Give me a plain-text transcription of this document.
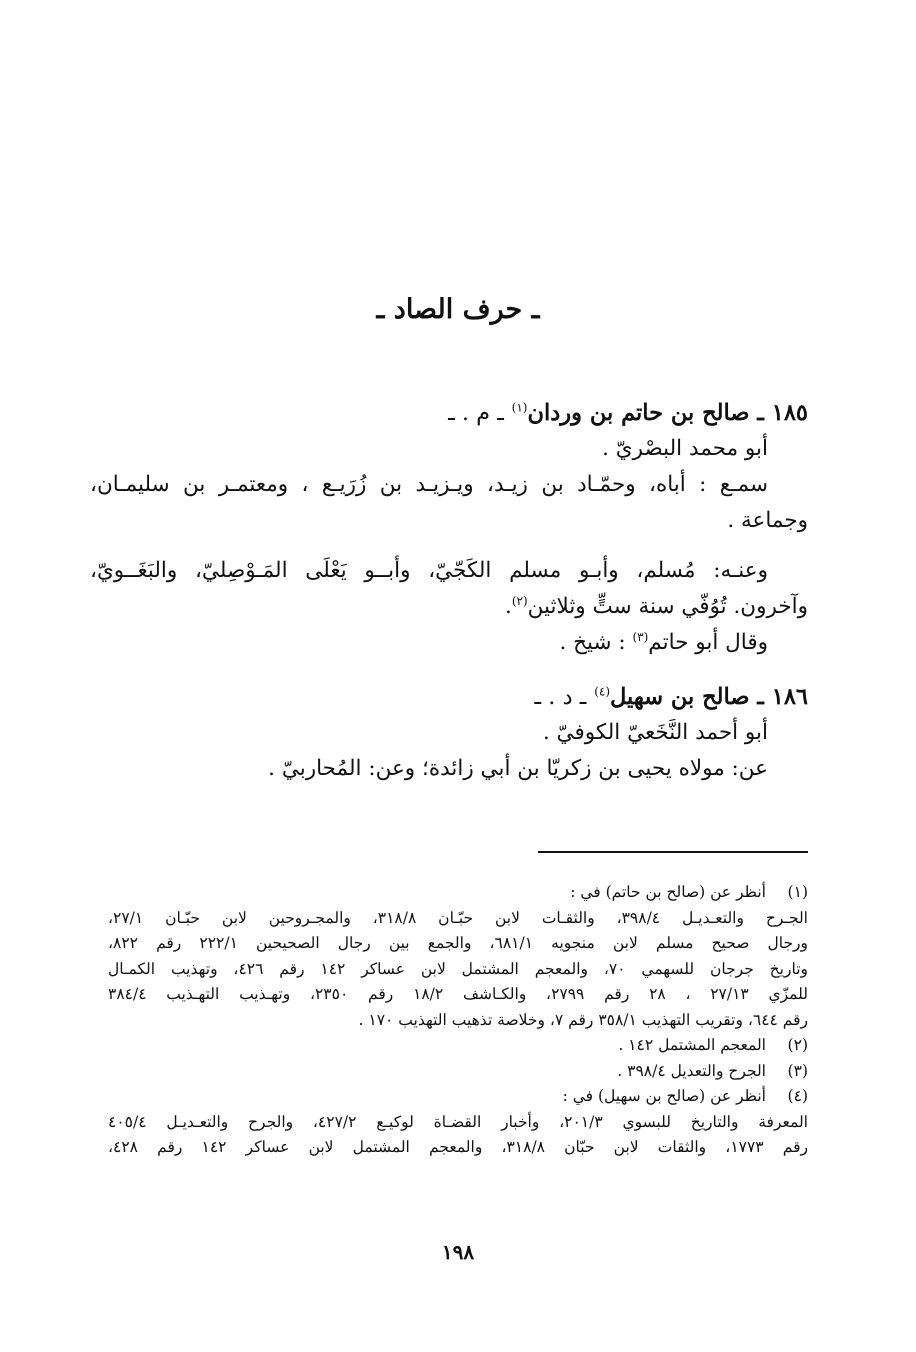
ـ حرف الصاد ـ
١٨٥ ـ صالح بن حاتم بن وردان$^{(١)}$ ـ م . ـ
أبو محمد البصْريّ .
سمـع : أباه، وحمّـاد بن زيـد، ويـزيـد بن زُرَيـع ، ومعتمـر بن سليمـان،
وجماعة .
وعنـه: مُسلم، وأبـو مسلم الكَجّيّ، وأبــو يَعْلَى المَـوْصِليّ، والبَغَــويّ،
وآخرون. تُوُفّي سنة ستٍّ وثلاثين$^{(٢)}$.
وقال أبو حاتم$^{(٣)}$ : شيخ .
١٨٦ ـ صالح بن سهيل$^{(٤)}$ ـ د . ـ
أبو أحمد النَّخَعيّ الكوفيّ .
عن: مولاه يحيى بن زكريّا بن أبي زائدة؛ وعن: المُحاربيّ .
(١)
أنظر عن (صالح بن حاتم) في :
الجـرح والتعـديـل ٣٩٨/٤، والثقـات لابن حبّـان ٣١٨/٨، والمجـروحين لابن حبّـان ٢٧/١،
ورجال صحيح مسلم لابن منجويه ٦٨١/١، والجمع بين رجال الصحيحين ٢٢٢/١ رقم ٨٢٢،
وتاريخ جرجان للسهمي ٧٠، والمعجم المشتمل لابن عساكر ١٤٢ رقم ٤٢٦، وتهذيب الكمـال
للمزّي ٢٧/١٣ ، ٢٨ رقم ٢٧٩٩، والكـاشف ١٨/٢ رقم ٢٣٥٠، وتهـذيب التهـذيب ٣٨٤/٤
رقم ٦٤٤، وتقريب التهذيب ٣٥٨/١ رقم ٧، وخلاصة تذهيب التهذيب ١٧٠ .
(٢)
المعجم المشتمل ١٤٢ .
(٣)
الجرح والتعديل ٣٩٨/٤ .
(٤)
أنظر عن (صالح بن سهيل) في :
المعرفة والتاريخ للبسوي ٢٠١/٣، وأخبار القضـاة لوكيـع ٤٢٧/٢، والجرح والتعـديـل ٤٠٥/٤
رقم ١٧٧٣، والثقات لابن حبّان ٣١٨/٨، والمعجم المشتمل لابن عساكر ١٤٢ رقم ٤٢٨،
١٩٨
